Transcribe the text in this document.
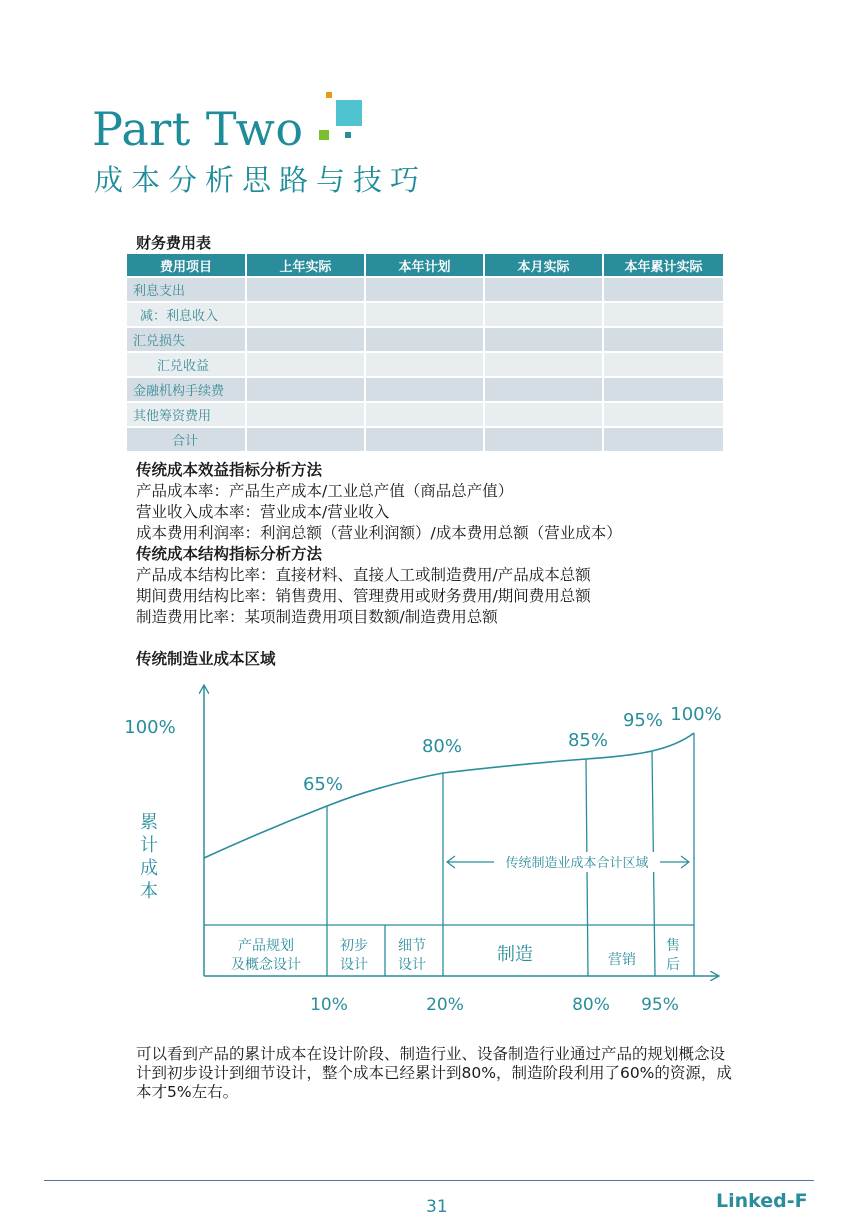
Part Two
成本分析思路与技巧
财务费用表
费用项目	上年实际	本年计划	本月实际	本年累计实际
利息支出				
减：利息收入				
汇兑损失				
汇兑收益				
金融机构手续费				
其他筹资费用				
合计				
传统成本效益指标分析方法
产品成本率：产品生产成本/工业总产值（商品总产值）
营业收入成本率：营业成本/营业收入
成本费用利润率：利润总额（营业利润额）/成本费用总额（营业成本）
传统成本结构指标分析方法
产品成本结构比率：直接材料、直接人工或制造费用/产品成本总额
期间费用结构比率：销售费用、管理费用或财务费用/期间费用总额
制造费用比率：某项制造费用项目数额/制造费用总额
传统制造业成本区域
传统制造业成本合计区域
100%
累计成本
65%
80%	85%
95% 100%
10%	20%	80% 95%
产品规划及概念设计
初步设计
细节设计	制造	营销
售后
可以看到产品的累计成本在设计阶段、制造行业、设备制造行业通过产品的规划概念设计到初步设计到细节设计，整个成本已经累计到80%，制造阶段利用了60%的资源，成本才5%左右。
31	Linked-F
